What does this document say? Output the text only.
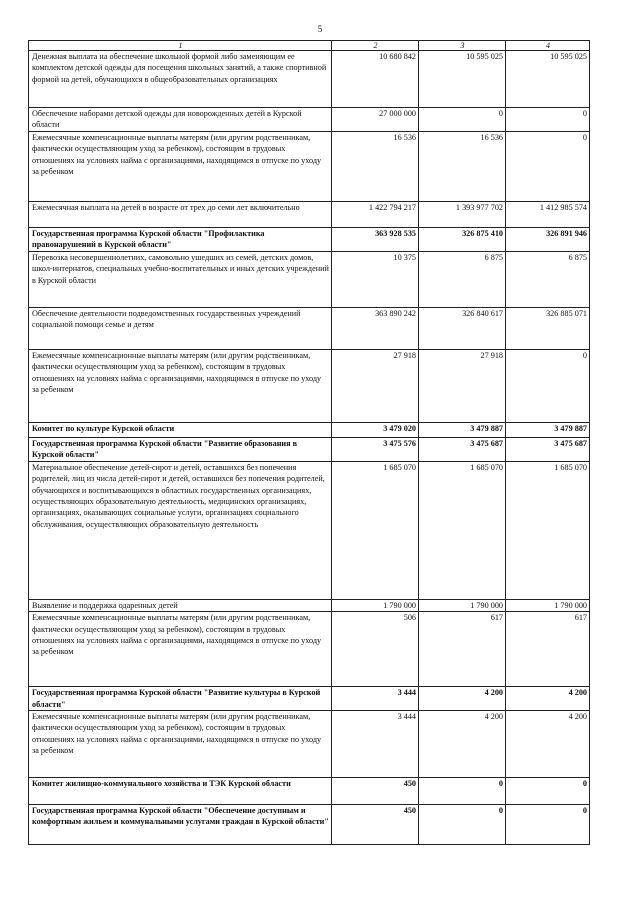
5
1	2	3	4
Денежная выплата на обеспечение школьной формой либо заменяющим ее комплектом детской одежды для посещения школьных занятий, а также спортивной формой на детей, обучающихся в общеобразовательных организациях	10 680 842	10 595 025	10 595 025
Обеспечение наборами детской одежды для новорожденных детей в Курской области	27 000 000	0	0
Ежемесячные компенсационные выплаты матерям (или другим родственникам, фактически осуществляющим уход за ребенком), состоящим в трудовых отношениях на условиях найма с организациями, находящимся в отпуске по уходу за ребенком	16 536	16 536	0
Ежемесячная выплата на детей в возрасте от трех до семи лет включительно	1 422 794 217	1 393 977 702	1 412 985 574
Государственная программа Курской области "Профилактика правонарушений в Курской области"	363 928 535	326 875 410	326 891 946
Перевозка несовершеннолетних, самовольно ушедших из семей, детских домов, школ-интернатов, специальных учебно-воспитательных и иных детских учреждений в Курской области	10 375	6 875	6 875
Обеспечение деятельности подведомственных государственных учреждений социальной помощи семье и детям	363 890 242	326 840 617	326 885 071
Ежемесячные компенсационные выплаты матерям (или другим родственникам, фактически осуществляющим уход за ребенком), состоящим в трудовых отношениях на условиях найма с организациями, находящимся в отпуске по уходу за ребенком	27 918	27 918	0
Комитет по культуре Курской области	3 479 020	3 479 887	3 479 887
Государственная программа Курской области "Развитие образования в Курской области"	3 475 576	3 475 687	3 475 687
Материальное обеспечение детей-сирот и детей, оставшихся без попечения родителей, лиц из числа детей-сирот и детей, оставшихся без попечения родителей, обучающихся и воспитывающихся в областных государственных организациях, осуществляющих образовательную деятельность, медицинских организациях, организациях, оказывающих социальные услуги, организациях социального обслуживания, осуществляющих образовательную деятельность	1 685 070	1 685 070	1 685 070
Выявление и поддержка одаренных детей	1 790 000	1 790 000	1 790 000
Ежемесячные компенсационные выплаты матерям (или другим родственникам, фактически осуществляющим уход за ребенком), состоящим в трудовых отношениях на условиях найма с организациями, находящимся в отпуске по уходу за ребенком	506	617	617
Государственная программа Курской области "Развитие культуры в Курской области"	3 444	4 200	4 200
Ежемесячные компенсационные выплаты матерям (или другим родственникам, фактически осуществляющим уход за ребенком), состоящим в трудовых отношениях на условиях найма с организациями, находящимся в отпуске по уходу за ребенком	3 444	4 200	4 200
Комитет жилищно-коммунального хозяйства и ТЭК Курской области	450	0	0
Государственная программа Курской области "Обеспечение доступным и комфортным жильем и коммунальными услугами граждан в Курской области"	450	0	0
